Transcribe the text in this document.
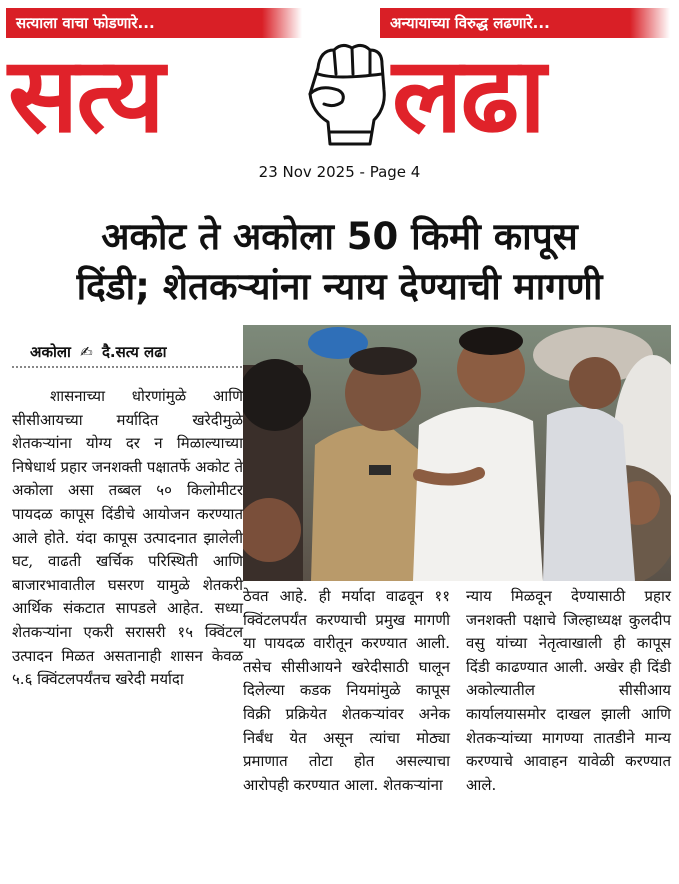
सत्याला वाचा फोडणारे...	अन्यायाच्या विरुद्ध लढणारे...
सत्य लढा
23 Nov 2025 - Page 4
अकोट ते अकोला 50 किमी कापूस
दिंडी; शेतकऱ्यांना न्याय देण्याची मागणी
अकोला ✍ दै.सत्य लढा
शासनाच्या धोरणांमुळे आणि सीसीआयच्या मर्यादित खरेदीमुळे शेतकऱ्यांना योग्य दर न मिळाल्याच्या निषेधार्थ प्रहार जनशक्ती पक्षातर्फे अकोट ते अकोला असा तब्बल ५० किलोमीटर पायदळ कापूस दिंडीचे आयोजन करण्यात आले होते. यंदा कापूस उत्पादनात झालेली घट, वाढती खर्चिक परिस्थिती आणि बाजारभावातील घसरण यामुळे शेतकरी आर्थिक संकटात सापडले आहेत. सध्या शेतकऱ्यांना एकरी सरासरी १५ क्विंटल उत्पादन मिळत असतानाही शासन केवळ ५.६ क्विंटलपर्यंतच खरेदी मर्यादा
ठेवत आहे. ही मर्यादा वाढवून ११ क्विंटलपर्यंत करण्याची प्रमुख मागणी या पायदळ वारीतून करण्यात आली. तसेच सीसीआयने खरेदीसाठी घालून दिलेल्या कडक नियमांमुळे कापूस विक्री प्रक्रियेत शेतकऱ्यांवर अनेक निर्बंध येत असून त्यांचा मोठ्या प्रमाणात तोटा होत असल्याचा आरोपही करण्यात आला. शेतकऱ्यांना
न्याय मिळवून देण्यासाठी प्रहार जनशक्ती पक्षाचे जिल्हाध्यक्ष कुलदीप वसु यांच्या नेतृत्वाखाली ही कापूस दिंडी काढण्यात आली. अखेर ही दिंडी अकोल्यातील सीसीआय कार्यालयासमोर दाखल झाली आणि शेतकऱ्यांच्या मागण्या तातडीने मान्य करण्याचे आवाहन यावेळी करण्यात आले.
